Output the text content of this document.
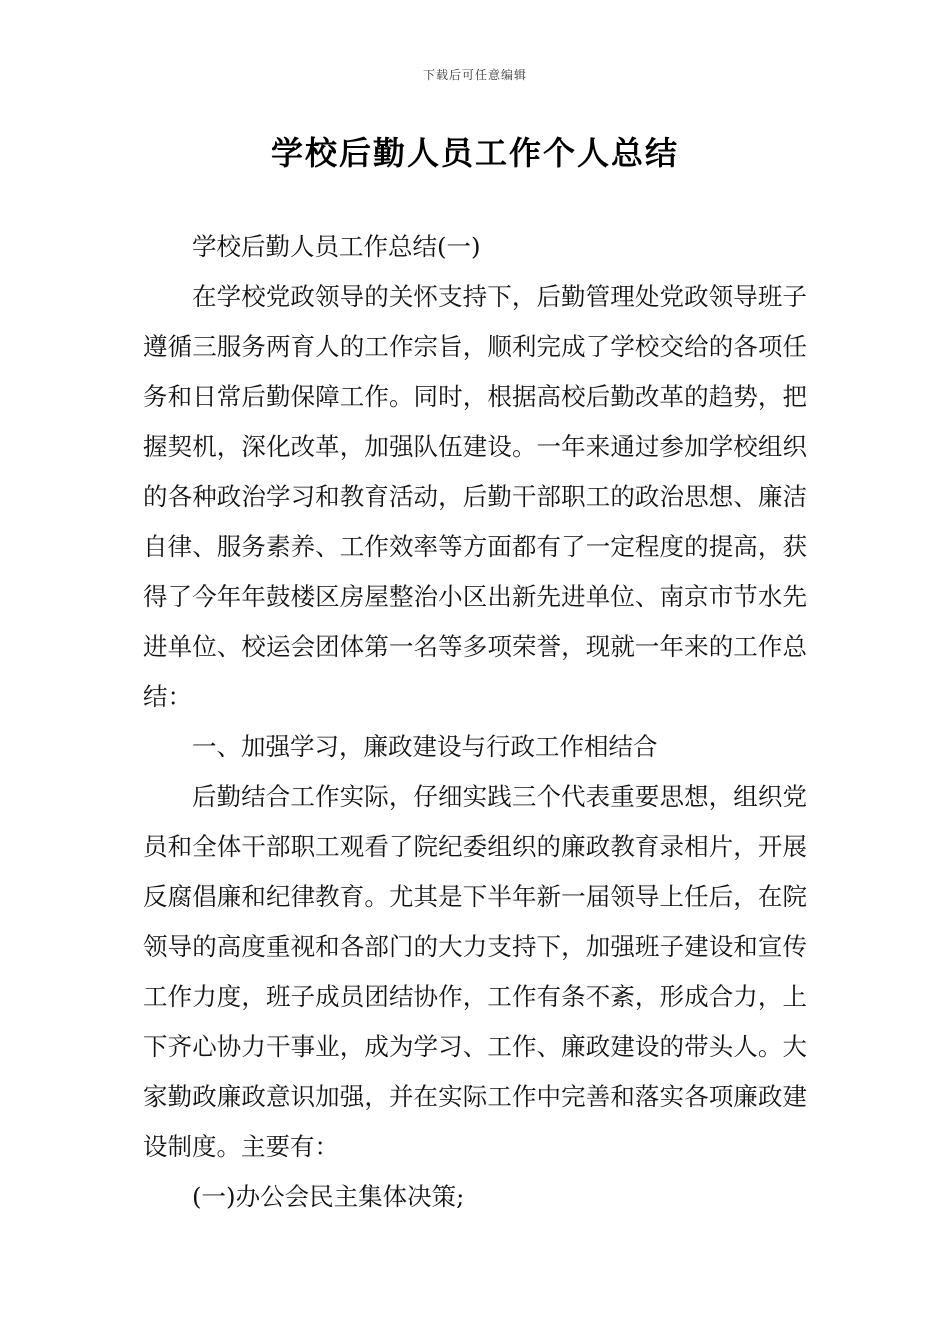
下载后可任意编辑
学校后勤人员工作个人总结

学校后勤人员工作总结(一)

在学校党政领导的关怀支持下，后勤管理处党政领导班子遵循三服务两育人的工作宗旨，顺利完成了学校交给的各项任务和日常后勤保障工作。同时，根据高校后勤改革的趋势，把握契机，深化改革，加强队伍建设。一年来通过参加学校组织的各种政治学习和教育活动，后勤干部职工的政治思想、廉洁自律、服务素养、工作效率等方面都有了一定程度的提高，获得了今年年鼓楼区房屋整治小区出新先进单位、南京市节水先进单位、校运会团体第一名等多项荣誉，现就一年来的工作总结：

一、加强学习，廉政建设与行政工作相结合

后勤结合工作实际，仔细实践三个代表重要思想，组织党员和全体干部职工观看了院纪委组织的廉政教育录相片，开展反腐倡廉和纪律教育。尤其是下半年新一届领导上任后，在院领导的高度重视和各部门的大力支持下，加强班子建设和宣传工作力度，班子成员团结协作，工作有条不紊，形成合力，上下齐心协力干事业，成为学习、工作、廉政建设的带头人。大家勤政廉政意识加强，并在实际工作中完善和落实各项廉政建设制度。主要有：

(一)办公会民主集体决策;
